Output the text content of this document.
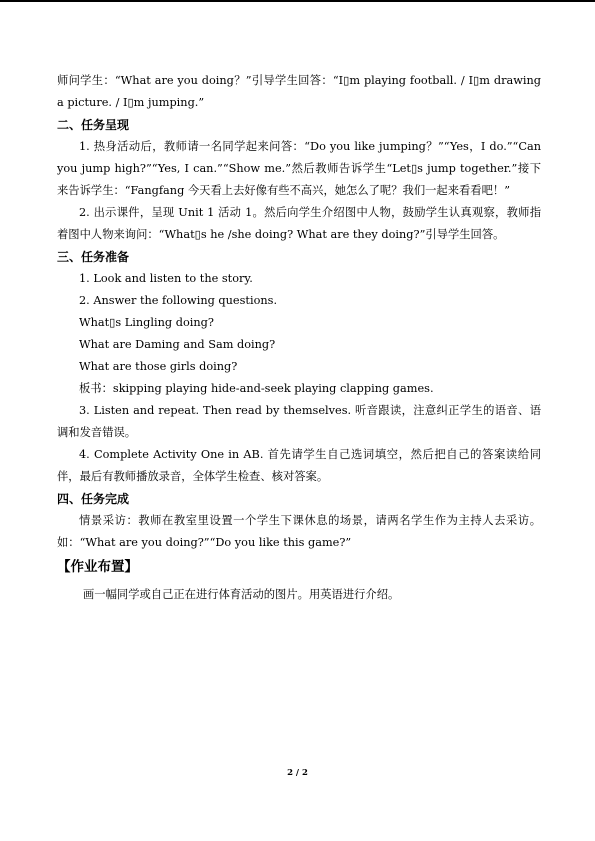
师问学生：“What are you doing？”引导学生回答：“I▯m playing football. / I▯m drawing a picture. / I▯m jumping.”

二、任务呈现

1. 热身活动后，教师请一名同学起来问答：“Do you like jumping？”“Yes，I do.”“Can you jump high?”“Yes, I can.”“Show me.”然后教师告诉学生“Let▯s jump together.”接下来告诉学生：“Fangfang 今天看上去好像有些不高兴，她怎么了呢？我们一起来看看吧！”

2. 出示课件，呈现 Unit 1 活动 1。然后向学生介绍图中人物，鼓励学生认真观察，教师指着图中人物来询问：“What▯s he /she doing? What are they doing?”引导学生回答。

三、任务准备

1. Look and listen to the story.

2. Answer the following questions.

What▯s Lingling doing?

What are Daming and Sam doing?

What are those girls doing?

板书：skipping playing hide-and-seek playing clapping games.

3. Listen and repeat. Then read by themselves. 听音跟读，注意纠正学生的语音、语调和发音错误。

4. Complete Activity One in AB. 首先请学生自己选词填空，然后把自己的答案读给同伴，最后有教师播放录音，全体学生检查、核对答案。

四、任务完成

情景采访：教师在教室里设置一个学生下课休息的场景，请两名学生作为主持人去采访。如：“What are you doing?”“Do you like this game?”

【作业布置】

画一幅同学或自己正在进行体育活动的图片。用英语进行介绍。

2 / 2
